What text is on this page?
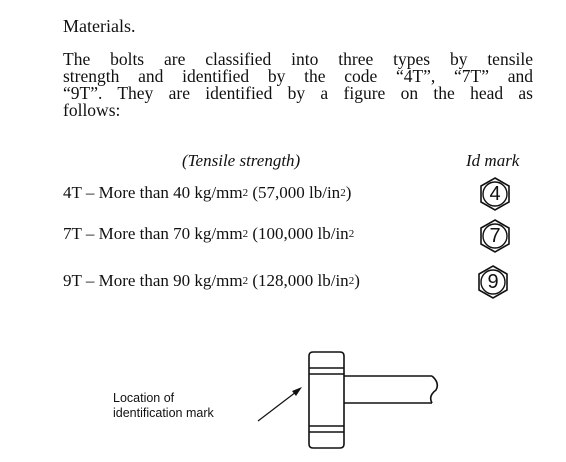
Materials.
The bolts are classified into three types by tensile
strength and identified by the code “4T”, “7T” and
“9T”. They are identified by a figure on the head as
follows:
(Tensile strength)	Id mark
4T – More than 40 $kg/mm^2$ (57,000 $lb/in^2$)	4
7T – More than 70 $kg/mm^2$ (100,000 $lb/in^2$	7
9T – More than 90 $kg/mm^2$ (128,000 $lb/in^2$)	9
Location of
identification mark
